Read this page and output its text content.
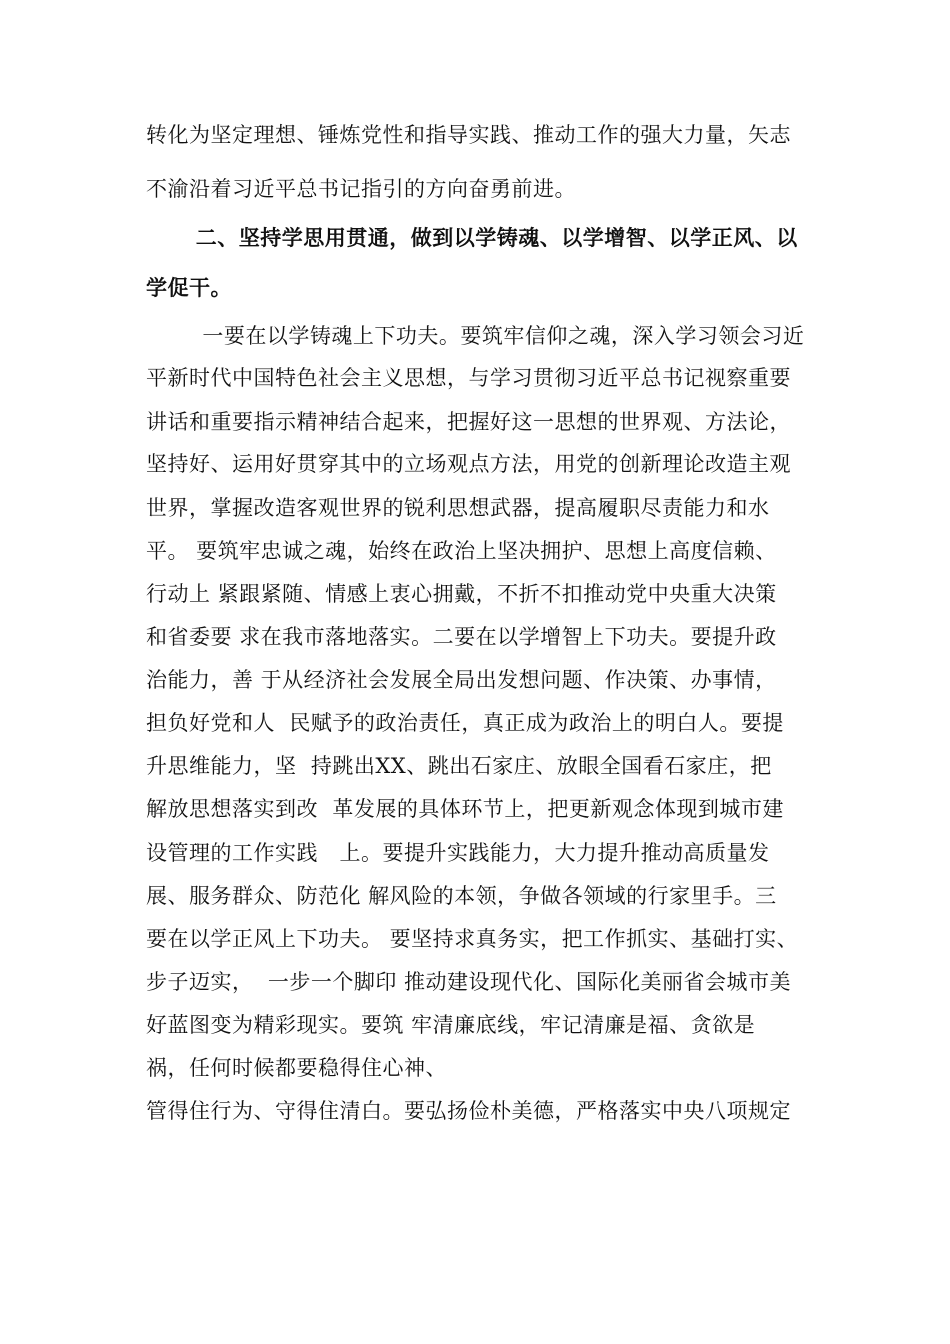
转化为坚定理想、锤炼党性和指导实践、推动工作的强大力量，矢志
不渝沿着习近平总书记指引的方向奋勇前进。
二、坚持学思用贯通，做到以学铸魂、以学增智、以学正风、以
学促干。
一要在以学铸魂上下功夫。要筑牢信仰之魂，深入学习领会习近
平新时代中国特色社会主义思想，与学习贯彻习近平总书记视察重要
讲话和重要指示精神结合起来，把握好这一思想的世界观、方法论，
坚持好、运用好贯穿其中的立场观点方法，用党的创新理论改造主观
世界，掌握改造客观世界的锐利思想武器，提高履职尽责能力和水
平。 要筑牢忠诚之魂，始终在政治上坚决拥护、思想上高度信赖、
行动上 紧跟紧随、情感上衷心拥戴，不折不扣推动党中央重大决策
和省委要 求在我市落地落实。二要在以学增智上下功夫。要提升政
治能力，善 于从经济社会发展全局出发想问题、作决策、办事情，
担负好党和人  民赋予的政治责任，真正成为政治上的明白人。要提
升思维能力，坚  持跳出XX、跳出石家庄、放眼全国看石家庄，把
解放思想落实到改  革发展的具体环节上，把更新观念体现到城市建
设管理的工作实践   上。要提升实践能力，大力提升推动高质量发
展、服务群众、防范化 解风险的本领，争做各领域的行家里手。三
要在以学正风上下功夫。 要坚持求真务实，把工作抓实、基础打实、
步子迈实，  一步一个脚印 推动建设现代化、国际化美丽省会城市美
好蓝图变为精彩现实。要筑 牢清廉底线，牢记清廉是福、贪欲是
祸，任何时候都要稳得住心神、
管得住行为、守得住清白。要弘扬俭朴美德，严格落实中央八项规定
